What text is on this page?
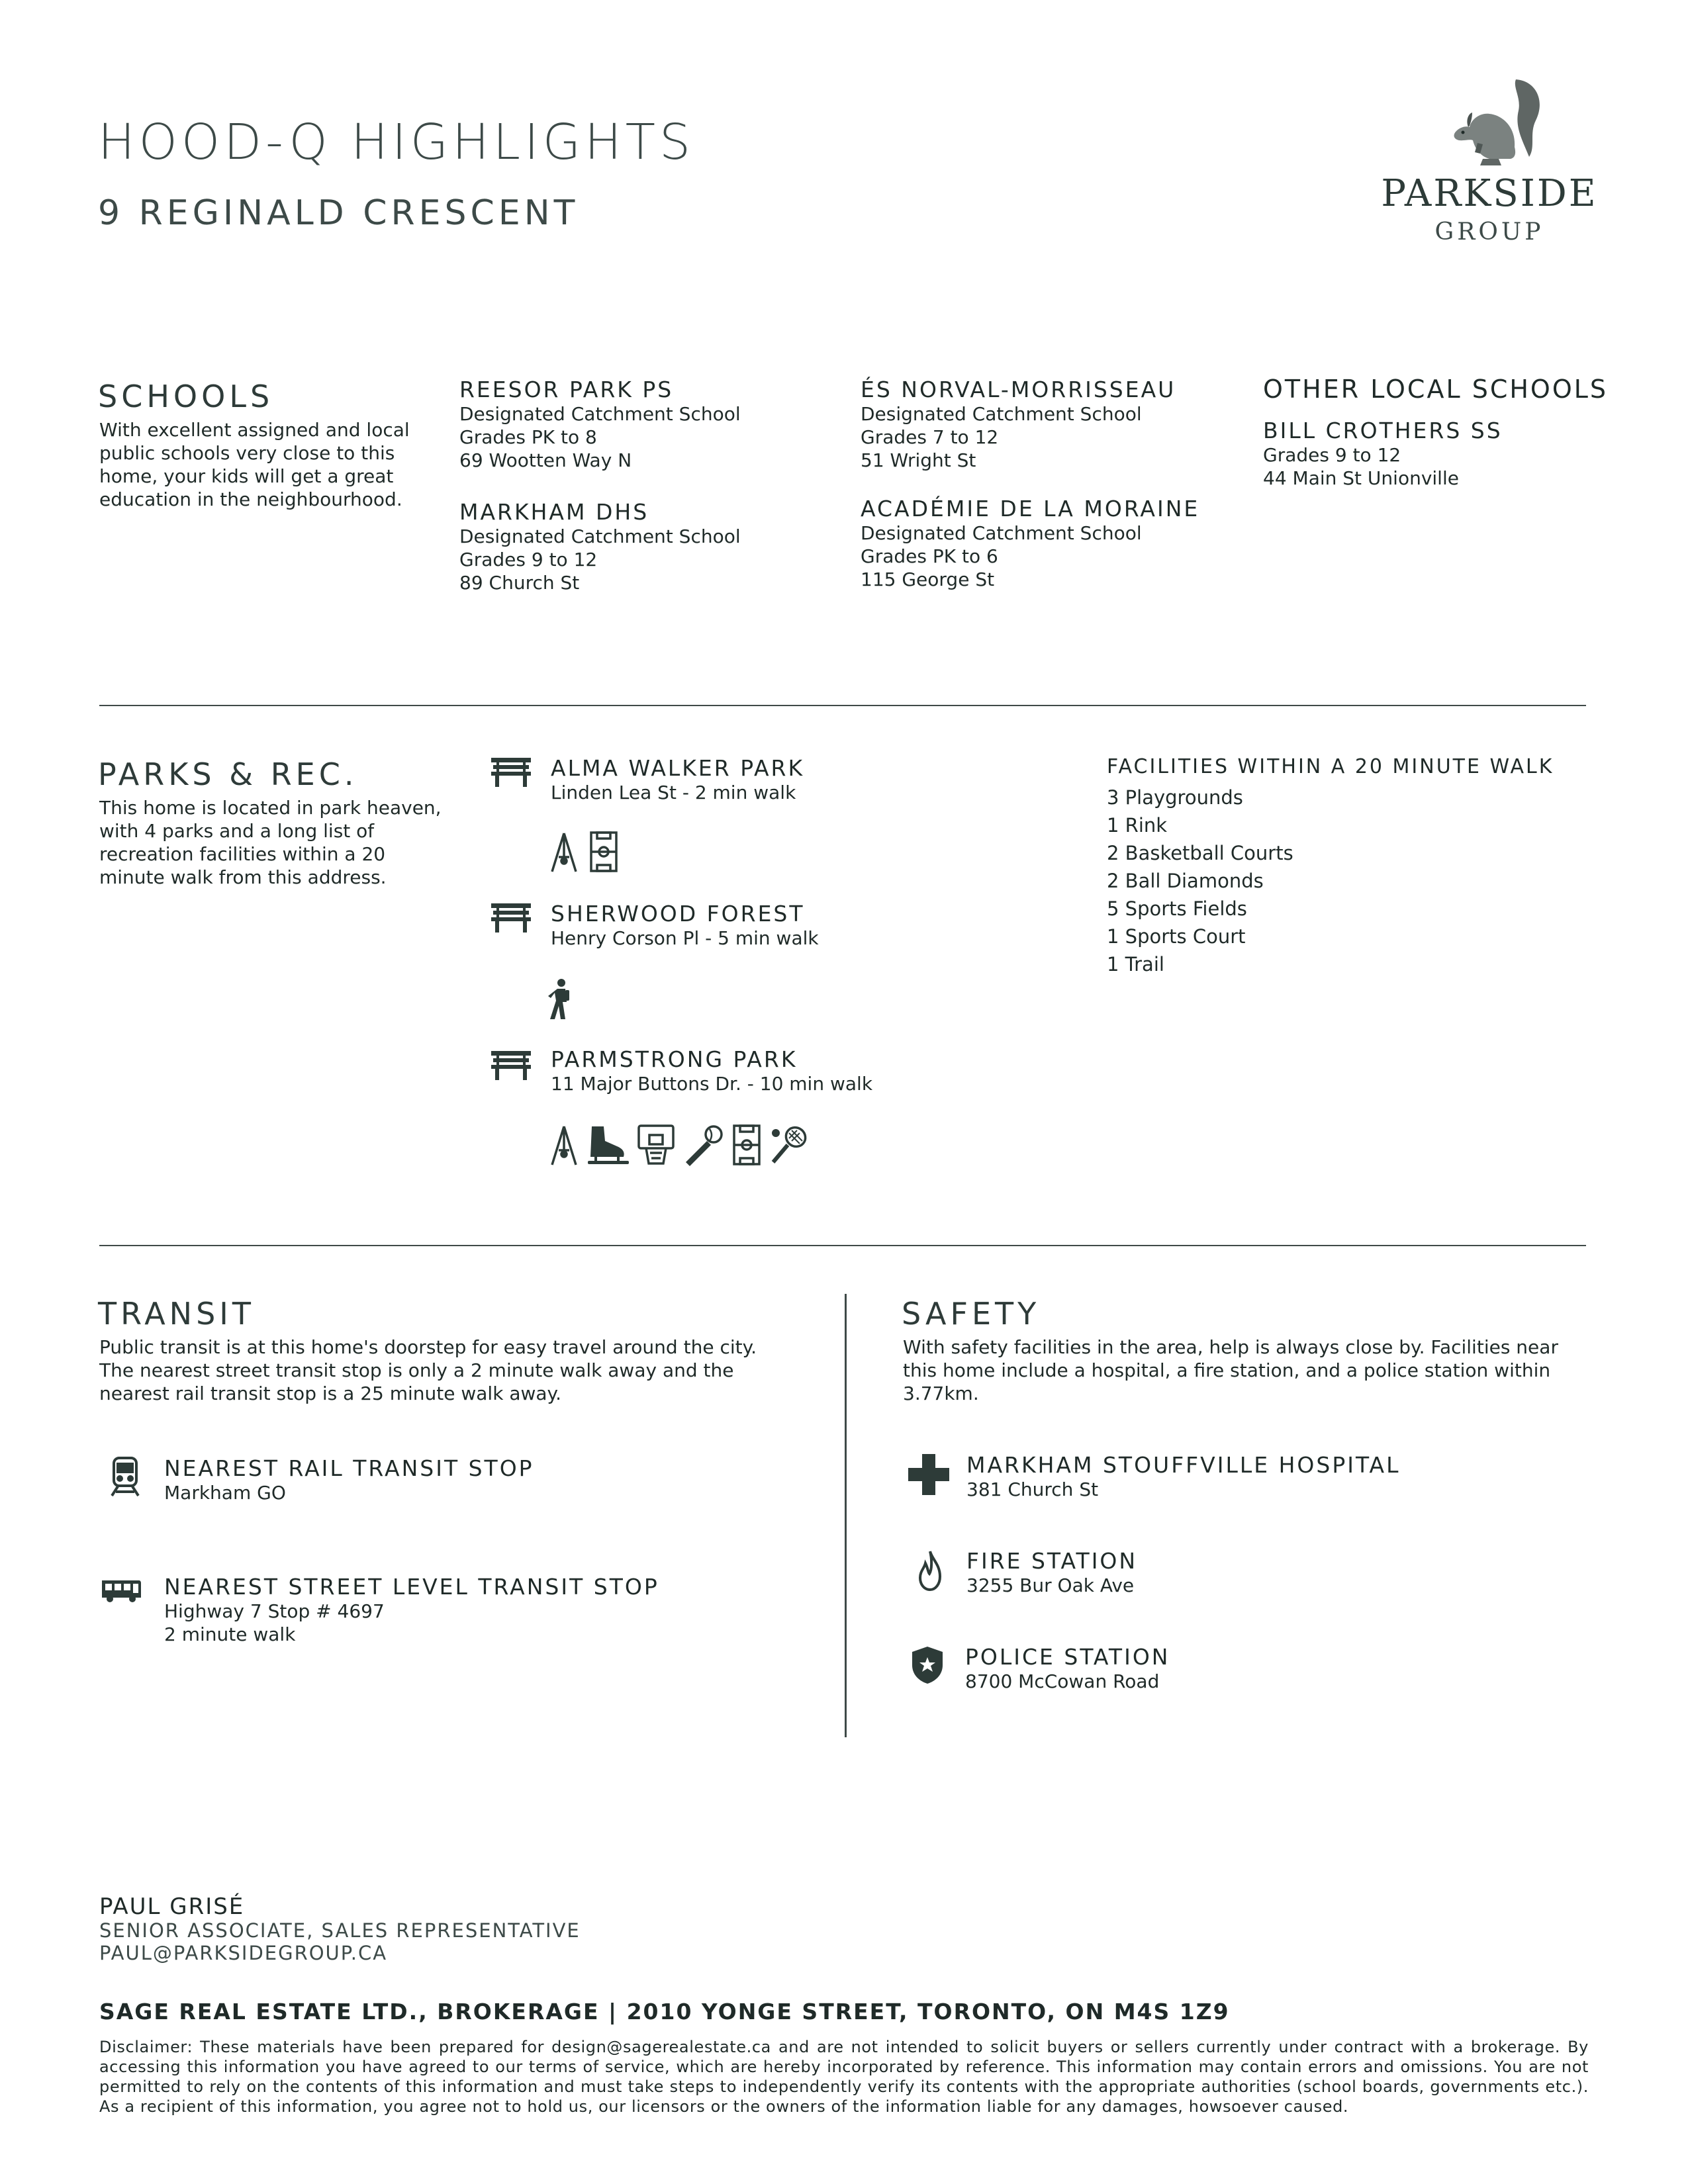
HOOD-Q HIGHLIGHTS
9 REGINALD CRESCENT	PARKSIDE
GROUP
SCHOOLS
With excellent assigned and local public schools very close to this home, your kids will get a great education in the neighbourhood.
REESOR PARK PS
Designated Catchment School
Grades PK to 8
69 Wootten Way N
MARKHAM DHS
Designated Catchment School
Grades 9 to 12
89 Church St
ÉS NORVAL-MORRISSEAU
Designated Catchment School
Grades 7 to 12
51 Wright St
ACADÉMIE DE LA MORAINE
Designated Catchment School
Grades PK to 6
115 George St
OTHER LOCAL SCHOOLS
BILL CROTHERS SS
Grades 9 to 12
44 Main St Unionville
PARKS & REC.
This home is located in park heaven, with 4 parks and a long list of recreation facilities within a 20 minute walk from this address.
ALMA WALKER PARK
Linden Lea St - 2 min walk
SHERWOOD FOREST
Henry Corson Pl - 5 min walk
PARMSTRONG PARK
11 Major Buttons Dr. - 10 min walk
FACILITIES WITHIN A 20 MINUTE WALK
3 Playgrounds
1 Rink
2 Basketball Courts
2 Ball Diamonds
5 Sports Fields
1 Sports Court
1 Trail
TRANSIT
Public transit is at this home's doorstep for easy travel around the city. The nearest street transit stop is only a 2 minute walk away and the nearest rail transit stop is a 25 minute walk away.
NEAREST RAIL TRANSIT STOP
Markham GO
NEAREST STREET LEVEL TRANSIT STOP
Highway 7 Stop # 4697
2 minute walk
SAFETY
With safety facilities in the area, help is always close by. Facilities near this home include a hospital, a fire station, and a police station within 3.77km.
MARKHAM STOUFFVILLE HOSPITAL
381 Church St
FIRE STATION
3255 Bur Oak Ave
POLICE STATION
8700 McCowan Road
PAUL GRISÉ
SENIOR ASSOCIATE, SALES REPRESENTATIVE
PAUL@PARKSIDEGROUP.CA
SAGE REAL ESTATE LTD., BROKERAGE | 2010 YONGE STREET, TORONTO, ON M4S 1Z9
Disclaimer: These materials have been prepared for design@sagerealestate.ca and are not intended to solicit buyers or sellers currently under contract with a brokerage. By accessing this information you have agreed to our terms of service, which are hereby incorporated by reference. This information may contain errors and omissions. You are not permitted to rely on the contents of this information and must take steps to independently verify its contents with the appropriate authorities (school boards, governments etc.). As a recipient of this information, you agree not to hold us, our licensors or the owners of the information liable for any damages, howsoever caused.
